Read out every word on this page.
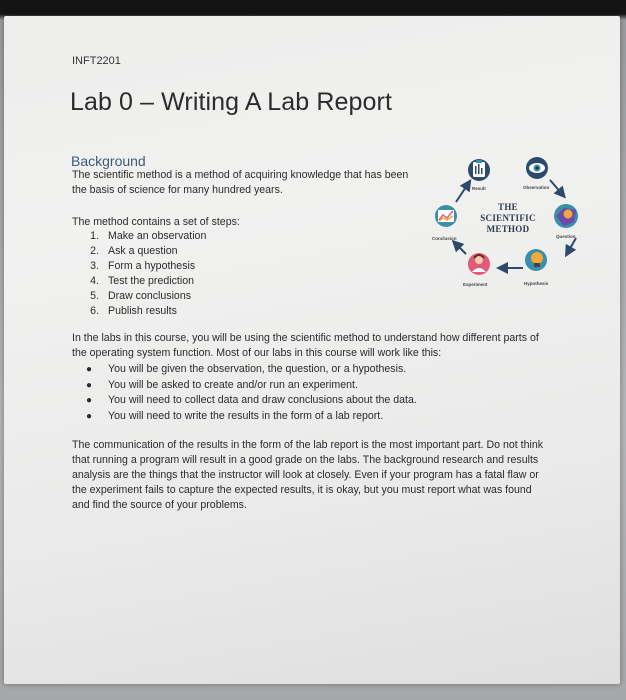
INFT2201
Lab 0 – Writing A Lab Report
Background
The scientific method is a method of acquiring knowledge that has been the basis of science for many hundred years.
The method contains a set of steps:
1. Make an observation
2. Ask a question
3. Form a hypothesis
4. Test the prediction
5. Draw conclusions
6. Publish results
In the labs in this course, you will be using the scientific method to understand how different parts of the operating system function. Most of our labs in this course will work like this:
●	You will be given the observation, the question, or a hypothesis.
●	You will be asked to create and/or run an experiment.
●	You will need to collect data and draw conclusions about the data.
●	You will need to write the results in the form of a lab report.
The communication of the results in the form of the lab report is the most important part. Do not think that running a program will result in a good grade on the labs. The background research and results analysis are the things that the instructor will look at closely. Even if your program has a fatal flaw or the experiment fails to capture the expected results, it is okay, but you must report what was found and find the source of your problems.
THE
SCIENTIFIC
METHOD
Result	Observation
Question
Hypothesis
Experiment
Conclusion
